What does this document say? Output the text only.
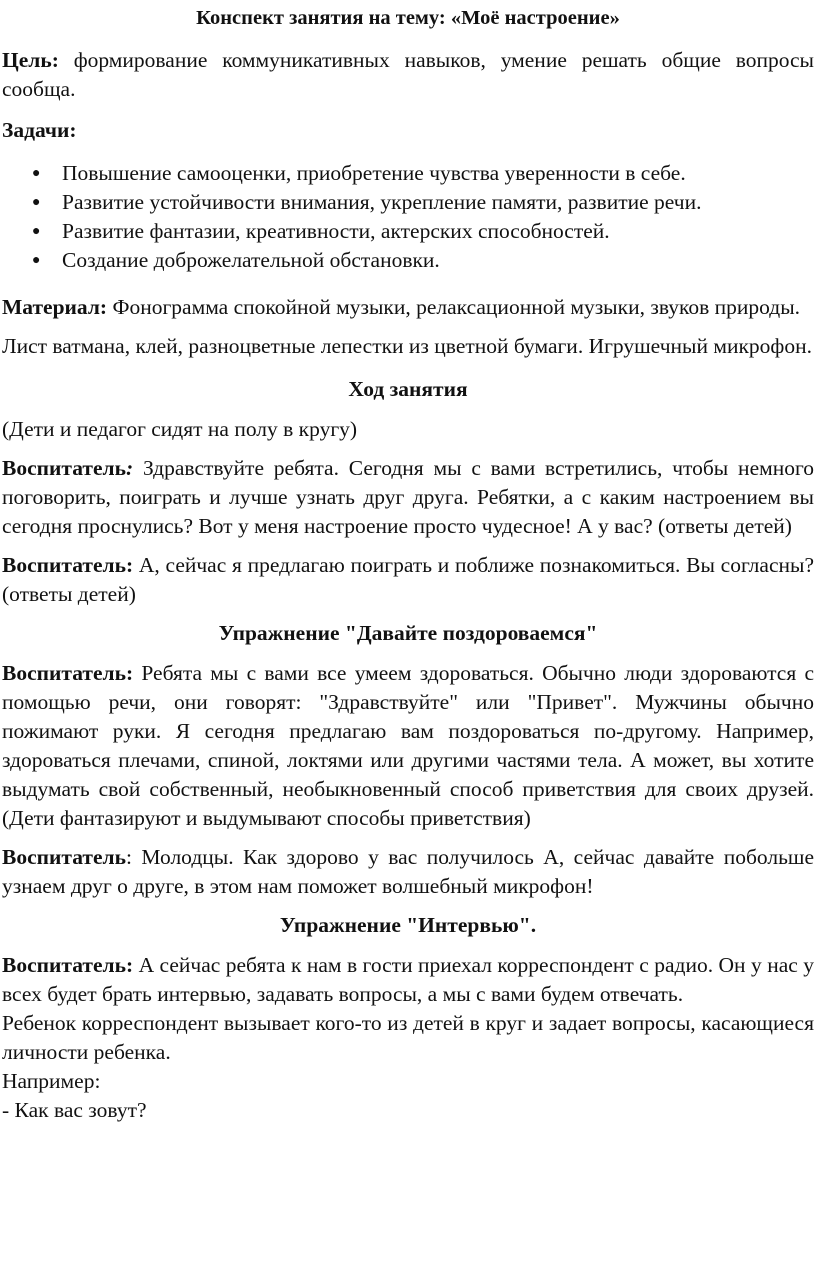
Конспект занятия на тему: «Моё настроение»

Цель: формирование коммуникативных навыков, умение решать общие вопросы сообща.

Задачи:
● Повышение самооценки, приобретение чувства уверенности в себе.
● Развитие устойчивости внимания, укрепление памяти, развитие речи.
● Развитие фантазии, креативности, актерских способностей.
● Создание доброжелательной обстановки.

Материал: Фонограмма спокойной музыки, релаксационной музыки, звуков природы.

Лист ватмана, клей, разноцветные лепестки из цветной бумаги. Игрушечный микрофон.

Ход занятия

(Дети и педагог сидят на полу в кругу)

Воспитатель: Здравствуйте ребята. Сегодня мы с вами встретились, чтобы немного поговорить, поиграть и лучше узнать друг друга. Ребятки, а с каким настроением вы сегодня проснулись? Вот у меня настроение просто чудесное! А у вас? (ответы детей)

Воспитатель: А, сейчас я предлагаю поиграть и поближе познакомиться. Вы согласны? (ответы детей)

Упражнение "Давайте поздороваемся"

Воспитатель: Ребята мы с вами все умеем здороваться. Обычно люди здороваются с помощью речи, они говорят: "Здравствуйте" или "Привет". Мужчины обычно пожимают руки. Я сегодня предлагаю вам поздороваться по-другому. Например, здороваться плечами, спиной, локтями или другими частями тела. А может, вы хотите выдумать свой собственный, необыкновенный способ приветствия для своих друзей. (Дети фантазируют и выдумывают способы приветствия)

Воспитатель: Молодцы. Как здорово у вас получилось А, сейчас давайте побольше узнаем друг о друге, в этом нам поможет волшебный микрофон!

Упражнение "Интервью".

Воспитатель: А сейчас ребята к нам в гости приехал корреспондент с радио. Он у нас у всех будет брать интервью, задавать вопросы, а мы с вами будем отвечать.

Ребенок корреспондент вызывает кого-то из детей в круг и задает вопросы, касающиеся личности ребенка.

Например:

- Как вас зовут?
